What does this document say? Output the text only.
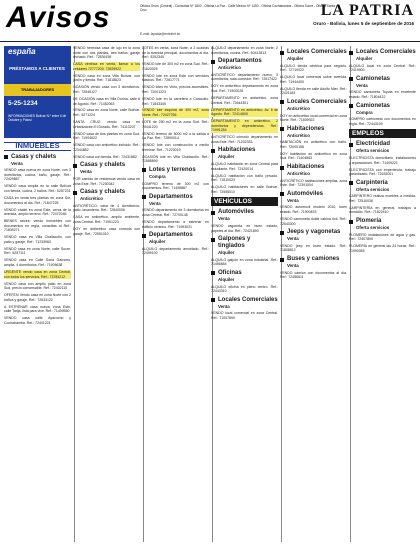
Avisos	Oficina Oruro (Central) - Consultas Nº 1800 - Oficina La Paz - Calle México Nº 1450 - Oficina Cochabamba - Oficina Sucre - Oficina Santa Cruz	LA PATRIA
Oruro - Bolivia, lunes 5 de septiembre de 2016
E-mail: lapatria@entelnet.bo
españa
PRÉSTAMOS A CLIENTES
TRABAJADORES
5-25-1234
INFORMACIONES Bolívar N.º entre 6 de Octubre y Potosí
INMUEBLES
Casas y chalets
Venta

VENDO casa nueva en zona Norte, con 3 dormitorios, cocina, baño, garaje. Ref.: 72429887

VENDO casa amplia en la calle Bolívar con tienda, cocina, 2 baños. Ref.: 5257231

CASA en venta tres plantas en zona Sur, documentos al día. Ref.: 71847225

VENDO chalet en zona Este, cerca de la avenida, amplio terreno. Ref.: 72472046

BIENES raíces: vendo inmuebles con documentos en regla, consultas al Ref.: 71839271

VENDO casa en Villa Challacollo, con patio y garaje. Ref.: 71233960

VENDO casa en zona Norte, calle Sucre. Ref.: 5257111

VENDO casa en Calle Soria Galvarro, amplia, 4 dormitorios. Ref.: 71906638

URGENTE vendo casa en zona Central, con todos los servicios. Ref.: 73784212

VENDO casa con amplio patio en zona Sud, precio conversable. Ref.: 72402110

OFERTA! Vendo casa en zona Norte con 2 baños y garaje. Ref.: 72633122

A ESTRENAR casa nueva, zona Este, calle Tarija, lista para vivir. Ref.: 71409550

VENDO casa calle Ayacucho y Cochabamba. Ref.: 72401221

VENDO hermosa casa de lujo en la zona norte con dos plantas, tres baños, garaje techado. Ref.: 72839155

CASA céntrica en venta, llamar a los celulares 72777209, 73929922

VENDO casa en zona Villa Bolívar, con jardín y tienda. Ref.: 71818823

OCASIÓN vendo casa con 3 dormitorios. Ref.: 72845127

DE OCASIÓN casa en Villa Dorina, calle 6 de Agosto. Ref.: 71452063

VENDO casa en zona Norte, calle Bolívar. Ref.: 5271224

SANTA CRUZ: vendo casa en Urbanización El Dorado. Ref.: 74113207

VENDO casa de dos plantas en zona Sud. Ref.: 71904622

VENDO casa con anticrético incluido. Ref.: 72344882

VENDO casa con tienda. Ref.: 72431882

Casas y chalets
Venta

POR cambio de residencia vendo casa en zona Este. Ref.: 71200342

Casas y chalets
Anticrético

ANTICRÉTICO: casa de 4 dormitorios, patio, lavandería. Ref.: 72840006

CASA en anticrético, amplio ambiente, zona Central. Ref.: 71901223

DOY en anticrético casa cómoda con garaje. Ref.: 72551010

LOTES en venta, zona Norte, a 2 cuadras de la avenida principal, documentos al día. Ref.: 5252345

VENDO lote de 300 m2 en zona Sud. Ref.: 71620025

VENDO lote en zona Este con servicios básicos. Ref.: 72617771

VENDO lotes en Vinto, precios accesibles. Ref.: 72001223

VENDO lote en la carretera a Caracollo. Ref.: 71843345

VENDO lote esquina de 400 m2, zona Norte. Ref.: 72427766

LOTE de 250 m2 en la zona Sud. Ref.: 70441220

VENDO terreno de 5000 m2 a la salida a La Paz. Ref.: 72890014

VENDO lote con construcción a medio terminar. Ref.: 71220019

OCASIÓN lote en Villa Challacollo. Ref.: 71588899

Lotes y terrenos
Compra

COMPRO terreno de 300 m2 con documentos. Ref.: 71408887

Departamentos
Venta

VENDO departamento de 3 dormitorios en zona Central. Ref.: 72700145

VENDO departamento a estrenar en edificio céntrico. Ref.: 71993021

Departamentos
Alquiler

ALQUILO departamento amoblado. Ref.: 72499100

ALQUILO departamento en zona Norte, 2 dormitorios, cocina. Ref.: 60413513

Departamentos
Anticrético

ANTICRÉTICO departamento nuevo, 3 dormitorios, sala comedor. Ref.: 72517422

DOY en anticrético departamento en zona Sud. Ref.: 71900026

DEPARTAMENTO en anticrético, zona Central. Ref.: 72644301

DEPARTAMENTO en anticrético, Av. 6 de Agosto. Ref.: 72414600

DEPARTAMENTO en anticrético, 2 dormitorios y dependencias. Ref.: 71991254

ANTICRÉTICO cómodo departamento en zona Este. Ref.: 71202333

Habitaciones
Alquiler

ALQUILO habitación en zona Central para estudiante. Ref.: 72420014

ALQUILO habitación con baño privado. Ref.: 71810023

ALQUILO habitaciones en calle Bolívar. Ref.: 72555010

VEHÍCULOS
Automóviles
Venta

VENDO vagoneta en buen estado, papeles al día. Ref.: 72421890

Galpones y tinglados
Alquiler

ALQUILO galpón en zona industrial. Ref.: 71456654

Oficinas
Alquiler

ALQUILO oficina en pleno centro. Ref.: 72443310

Locales Comerciales
Venta

VENDO local comercial en zona Central. Ref.: 71007890

Locales Comerciales
Alquiler

ALQUILO tienda céntrica para negocio. Ref.: 72710022

ALQUILO local comercial sobre avenida. Ref.: 71944400

ALQUILO tienda en calle Adolfo Mier. Ref.: 72421183

Locales Comerciales
Anticrético

DOY en anticrético local comercial en zona Norte. Ref.: 71509922

Habitaciones
Anticrético

HABITACIÓN en anticrético con baño. Ref.: 72000158

DOY habitación en anticrético en zona Sud. Ref.: 71404563

Habitaciones
Anticrético

ANTICRÉTICO habitaciones amplias, zona Este. Ref.: 72391004

Automóviles
Venta

VENDO automóvil modelo 2010, buen estado. Ref.: 71900453

VENDO camioneta doble cabina 4x4. Ref.: 72643300

Jeeps y vagonetas
Venta

VENDO jeep en buen estado. Ref.: 71808812

Buses y camiones
Venta

VENDO camión con documentos al día. Ref.: 72456611

Locales Comerciales
Alquiler

ALQUILO local en zona Central. Ref.: 72419900

Camionetas
Venta

VENDO camioneta Toyota en excelente estado. Ref.: 71804422

Camionetas
Compra

COMPRO camioneta con documentos en regla. Ref.: 72443100

EMPLEOS
Electricidad
Oferta servicios

ELECTRICISTA domiciliario, instalaciones y reparaciones. Ref.: 71409221

ELECTRICISTA con experiencia, trabajo garantizado. Ref.: 72633001

Carpintería
Oferta servicios

CARPINTERO realiza muebles a medida. Ref.: 72510036

CARPINTERÍA en general, trabajos a domicilio. Ref.: 71822410

Plomería
Oferta servicios

PLOMERO instalaciones de agua y gas. Ref.: 72407890

PLOMERÍA en general las 24 horas. Ref.: 71990055
